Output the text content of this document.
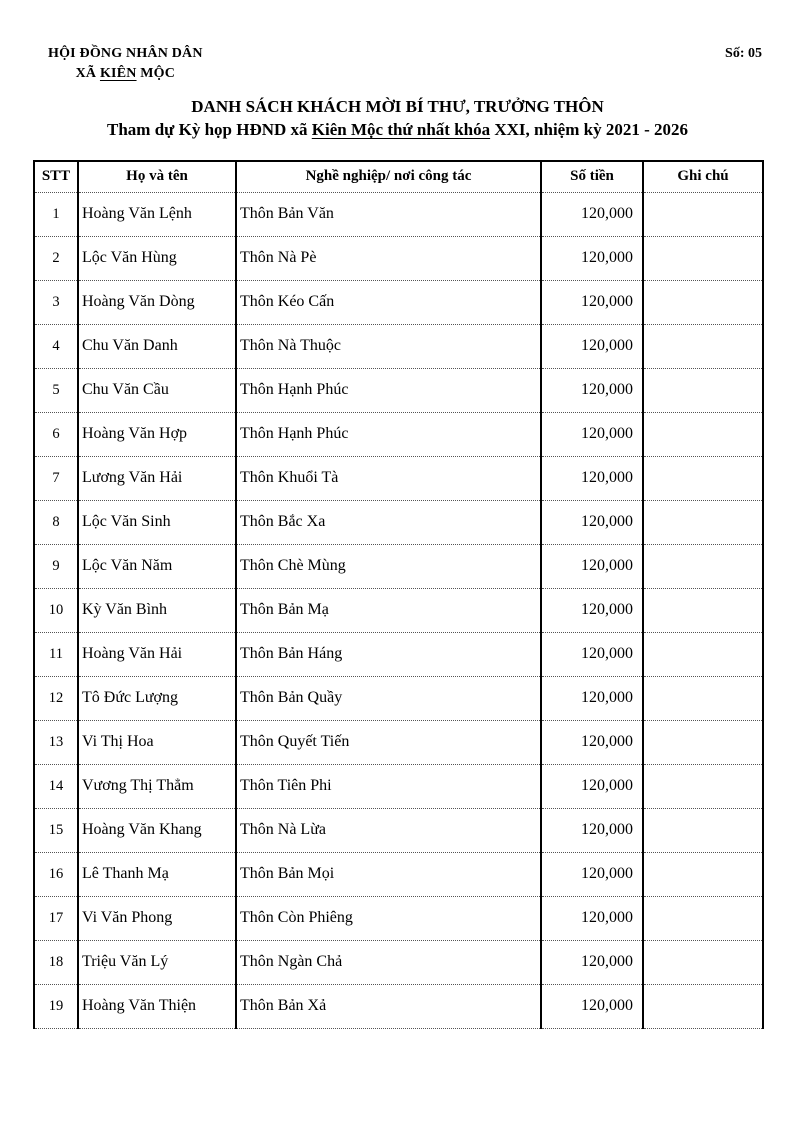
HỘI ĐỒNG NHÂN DÂN
XÃ KIÊN MỘC
Số: 05
DANH SÁCH KHÁCH MỜI BÍ THƯ, TRƯỞNG THÔN
Tham dự Kỳ họp HĐND xã Kiên Mộc thứ nhất khóa XXI, nhiệm kỳ 2021 - 2026
STT	Họ và tên	Nghề nghiệp/ nơi công tác	Số tiền	Ghi chú
1	Hoàng Văn Lệnh	Thôn Bản Văn	120,000	
2	Lộc Văn Hùng	Thôn Nà Pè	120,000	
3	Hoàng Văn Dòng	Thôn Kéo Cấn	120,000	
4	Chu Văn Danh	Thôn Nà Thuộc	120,000	
5	Chu Văn Cầu	Thôn Hạnh Phúc	120,000	
6	Hoàng Văn Hợp	Thôn Hạnh Phúc	120,000	
7	Lương Văn Hải	Thôn Khuổi Tà	120,000	
8	Lộc Văn Sinh	Thôn Bắc Xa	120,000	
9	Lộc Văn Năm	Thôn Chè Mùng	120,000	
10	Kỳ Văn Bình	Thôn Bản Mạ	120,000	
11	Hoàng Văn Hải	Thôn Bản Háng	120,000	
12	Tô Đức Lượng	Thôn Bản Quầy	120,000	
13	Vi Thị Hoa	Thôn Quyết Tiến	120,000	
14	Vương Thị Thẳm	Thôn Tiên Phi	120,000	
15	Hoàng Văn Khang	Thôn Nà Lừa	120,000	
16	Lê Thanh Mạ	Thôn Bản Mọi	120,000	
17	Vi Văn Phong	Thôn Còn Phiêng	120,000	
18	Triệu Văn Lý	Thôn Ngàn Chả	120,000	
19	Hoàng Văn Thiện	Thôn Bản Xả	120,000	
